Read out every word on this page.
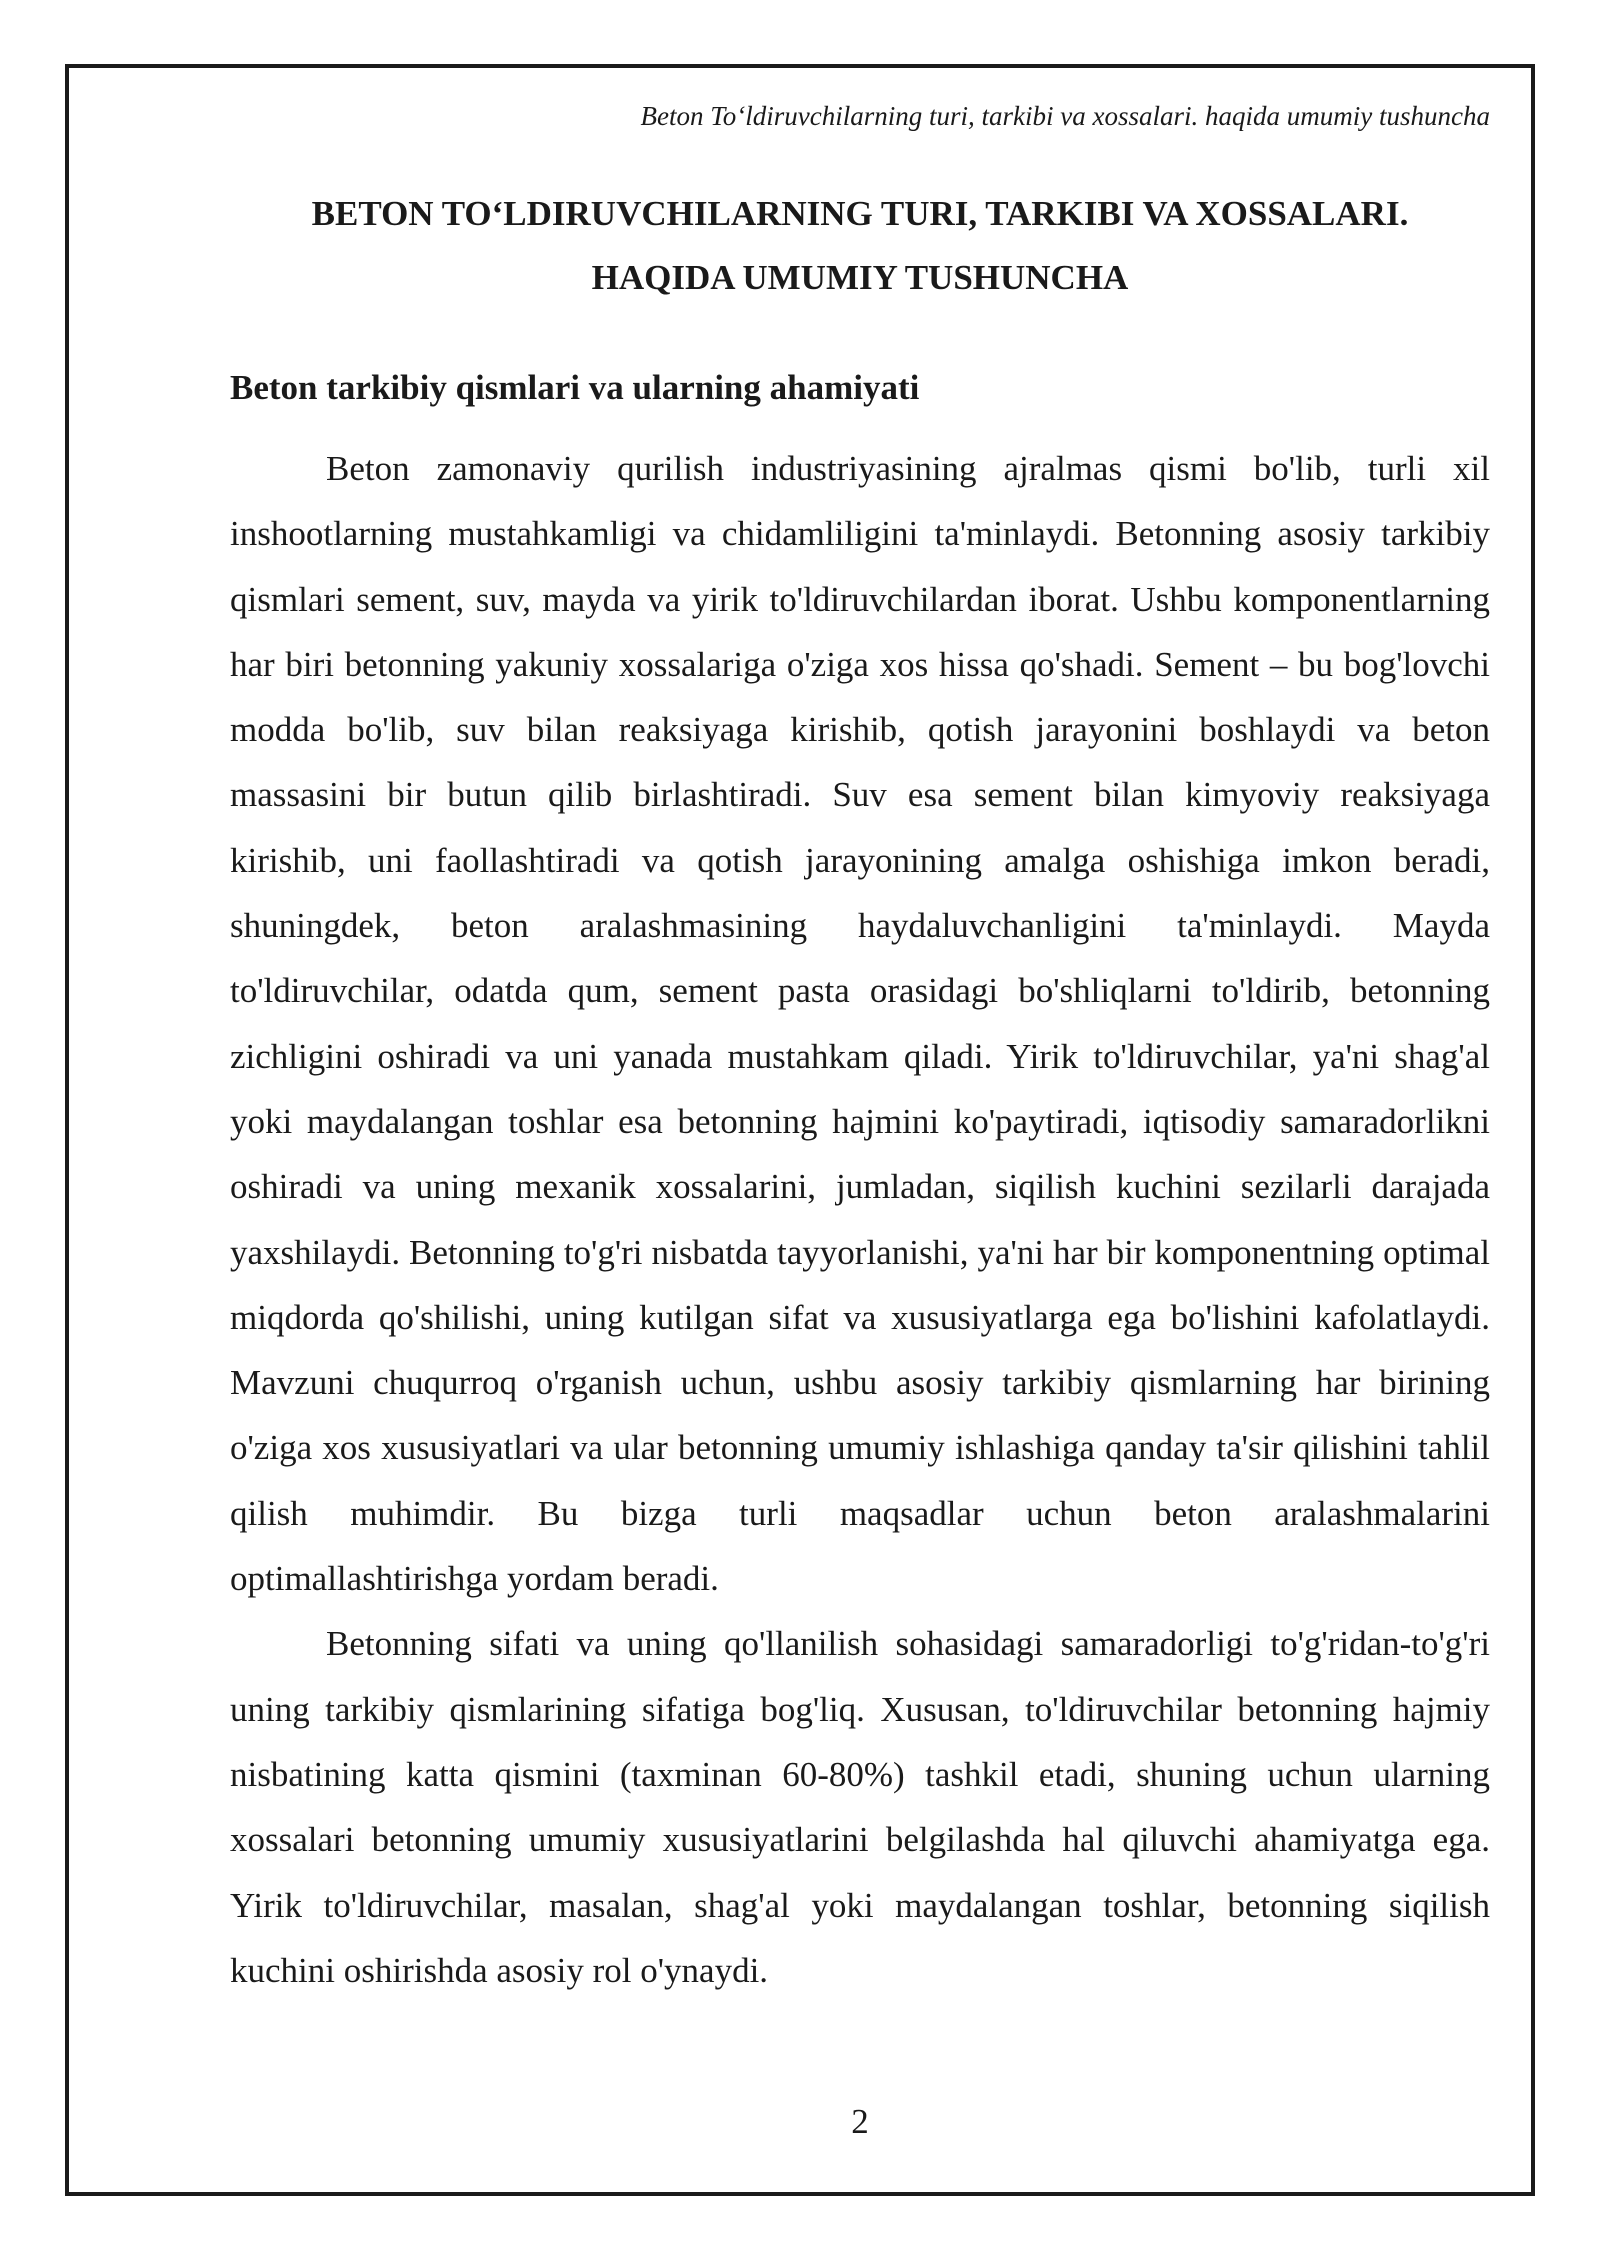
Beton To‘ldiruvchilarning turi, tarkibi va xossalari. haqida umumiy tushuncha
BETON TO‘LDIRUVCHILARNING TURI, TARKIBI VA XOSSALARI.
HAQIDA UMUMIY TUSHUNCHA
Beton tarkibiy qismlari va ularning ahamiyati

Beton zamonaviy qurilish industriyasining ajralmas qismi bo'lib, turli xil inshootlarning mustahkamligi va chidamliligini ta'minlaydi. Betonning asosiy tarkibiy qismlari sement, suv, mayda va yirik to'ldiruvchilardan iborat. Ushbu komponentlarning har biri betonning yakuniy xossalariga o'ziga xos hissa qo'shadi. Sement – bu bog'lovchi modda bo'lib, suv bilan reaksiyaga kirishib, qotish jarayonini boshlaydi va beton massasini bir butun qilib birlashtiradi. Suv esa sement bilan kimyoviy reaksiyaga kirishib, uni faollashtiradi va qotish jarayonining amalga oshishiga imkon beradi, shuningdek, beton aralashmasining haydaluvchanligini ta'minlaydi. Mayda to'ldiruvchilar, odatda qum, sement pasta orasidagi bo'shliqlarni to'ldirib, betonning zichligini oshiradi va uni yanada mustahkam qiladi. Yirik to'ldiruvchilar, ya'ni shag'al yoki maydalangan toshlar esa betonning hajmini ko'paytiradi, iqtisodiy samaradorlikni oshiradi va uning mexanik xossalarini, jumladan, siqilish kuchini sezilarli darajada yaxshilaydi. Betonning to'g'ri nisbatda tayyorlanishi, ya'ni har bir komponentning optimal miqdorda qo'shilishi, uning kutilgan sifat va xususiyatlarga ega bo'lishini kafolatlaydi. Mavzuni chuqurroq o'rganish uchun, ushbu asosiy tarkibiy qismlarning har birining o'ziga xos xususiyatlari va ular betonning umumiy ishlashiga qanday ta'sir qilishini tahlil qilish muhimdir. Bu bizga turli maqsadlar uchun beton aralashmalarini optimallashtirishga yordam beradi.

Betonning sifati va uning qo'llanilish sohasidagi samaradorligi to'g'ridan-to'g'ri uning tarkibiy qismlarining sifatiga bog'liq. Xususan, to'ldiruvchilar betonning hajmiy nisbatining katta qismini (taxminan 60-80%) tashkil etadi, shuning uchun ularning xossalari betonning umumiy xususiyatlarini belgilashda hal qiluvchi ahamiyatga ega. Yirik to'ldiruvchilar, masalan, shag'al yoki maydalangan toshlar, betonning siqilish kuchini oshirishda asosiy rol o'ynaydi.

2
